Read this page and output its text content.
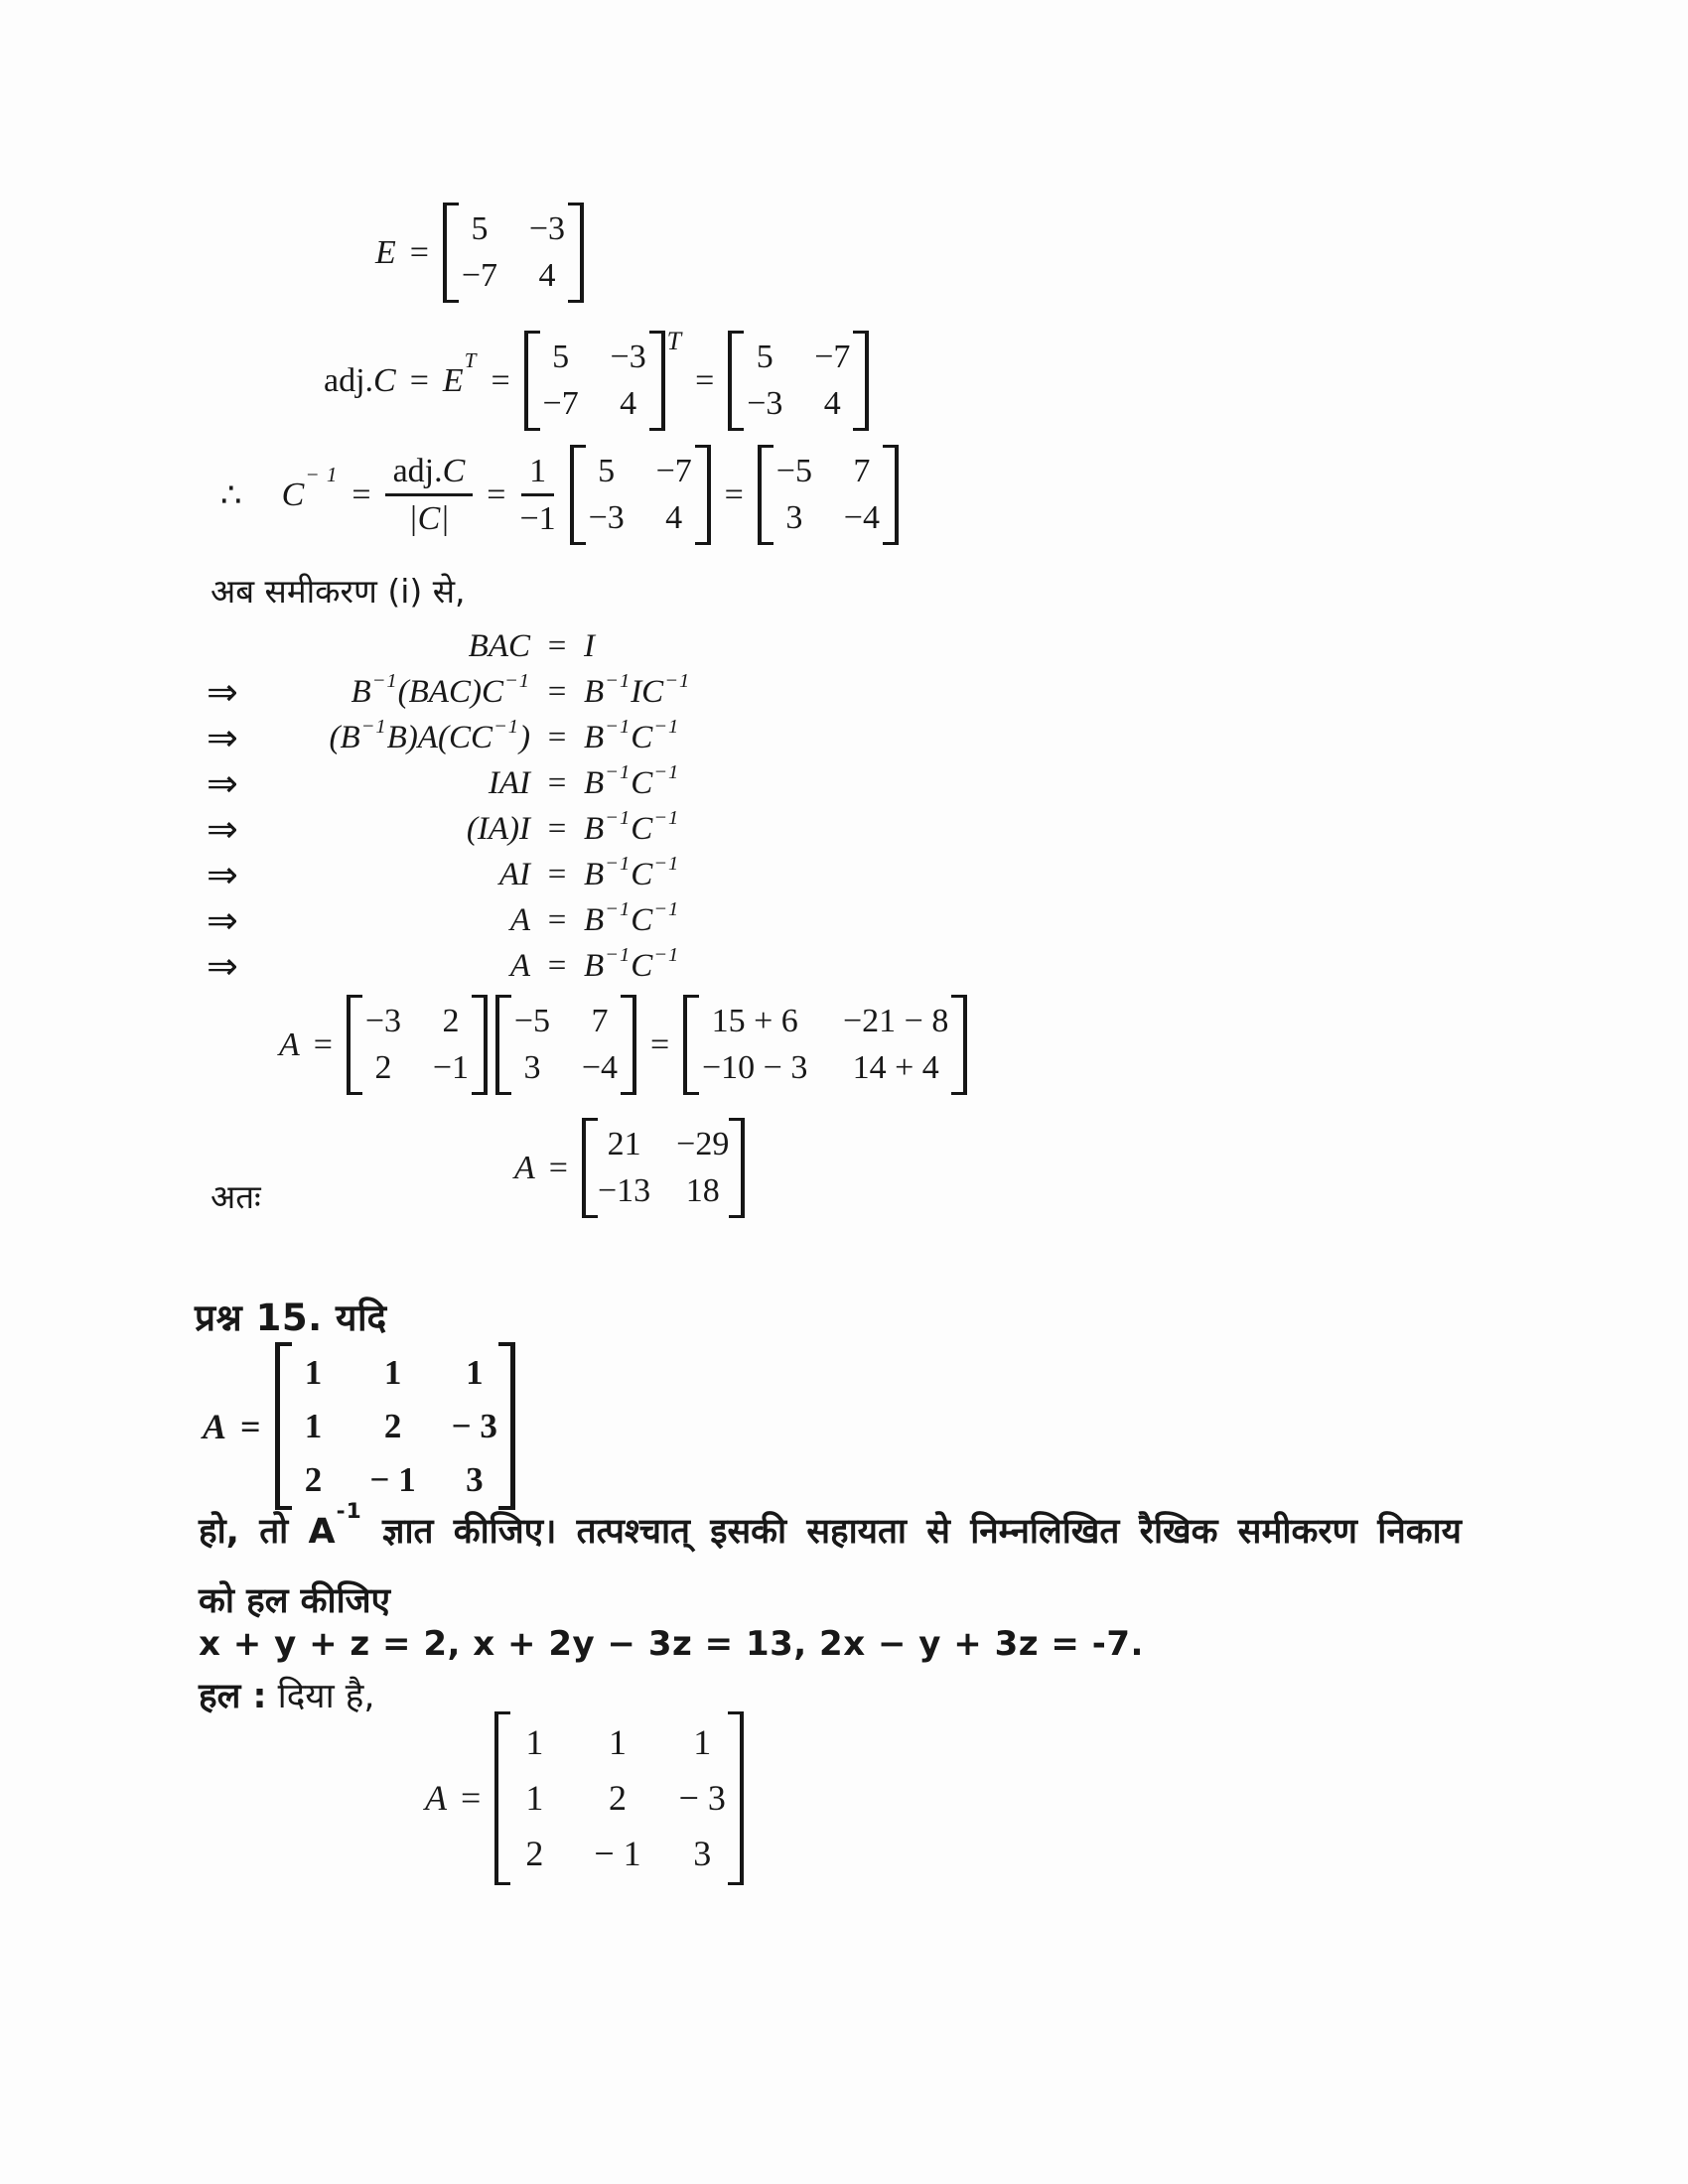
E =
5	−3
−7	4
$adj.C = E^T$
=
5	−3
−7	4
T
=
5	−7
−3	4
∴ $C^{- 1}$
= $\frac{\text{adj.C}}{|C|} = \frac{1}{-1}$	5	−7
−3	4
=
−5	7
3	−4
अब समीकरण (i) से,
BAC = I
⇒	$B^{-1}$ $(BAC)C^{-1} = B^{-1}$ $IC^{-1}$
⇒	($B^{-1}$ $B)A(CC^{-1}$ ) = $B^{-1}$ $C^{-1}$
⇒	IAI = $B^{-1}$ $C^{-1}$
⇒	$(IA)I = B^{-1}$ $C^{-1}$
⇒	AI = $B^{-1}$ $C^{-1}$
⇒	$A = B^{-1}$ $C^{-1}$
⇒	$A = B^{-1}$ $C^{-1}$
A =
−3	2
2	−1
−5	7
3	−4
=
15 + 6	−21 − 8
−10 − 3	14 + 4
अतः
A =
21 −29
−13 18
प्रश्न 15. यदि
A =
1	1	1
1	2	− 3
2	− 1	3
हो, तो $A^{-1}$ ज्ञात कीजिए। तत्पश्चात् इसकी सहायता से निम्नलिखित रैखिक समीकरण निकाय
को हल कीजिए
x + y + z = 2, x + 2y − 3z = 13, 2x − y + 3z = -7.
हल : दिया है,
A =
1	1	1
1	2	− 3
2	− 1	3
